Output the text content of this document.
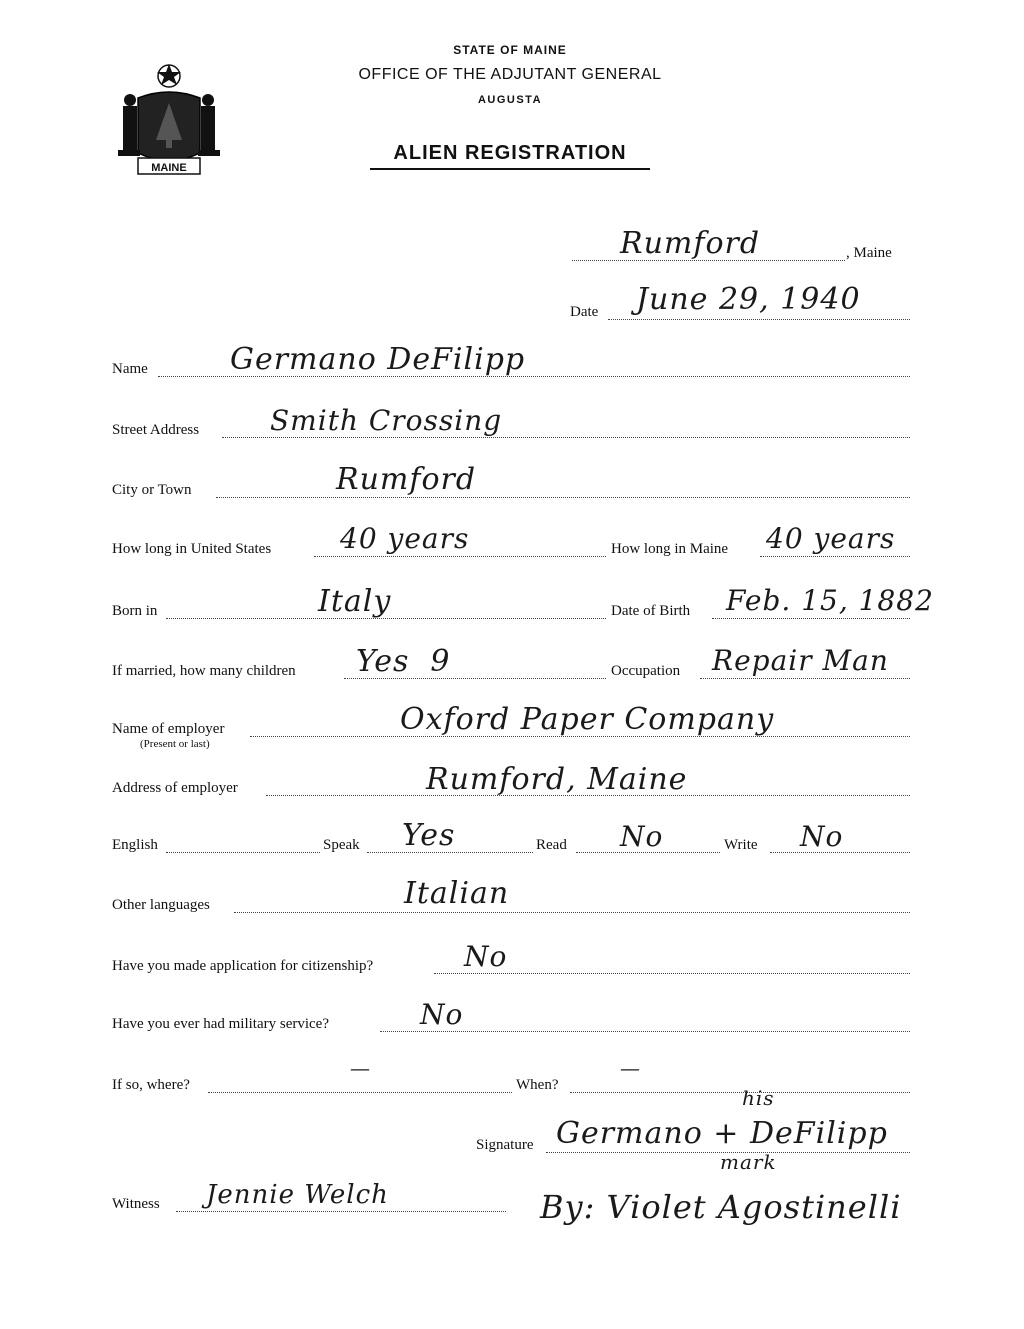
MAINE
STATE OF MAINE
OFFICE OF THE ADJUTANT GENERAL
AUGUSTA
ALIEN REGISTRATION
Rumford	, Maine
Date June 29, 1940
Name	Germano DeFilipp
Street Address	Smith Crossing
City or Town	Rumford
How long in United States 40 years	How long in Maine 40 years
Born in	Italy	Date of Birth Feb. 15, 1882
If married, how many children Yes  9	Occupation Repair Man
Name of employer
(Present or last)
Oxford Paper Company
Address of employer	Rumford, Maine
English	Speak Yes	Read No	Write No
Other languages	Italian
Have you made application for citizenship?	No
Have you ever had military service?	No
If so, where?
—
When?
—
Signature
his
Germano + DeFilipp
mark
By: Violet Agostinelli
Witness Jennie Welch
